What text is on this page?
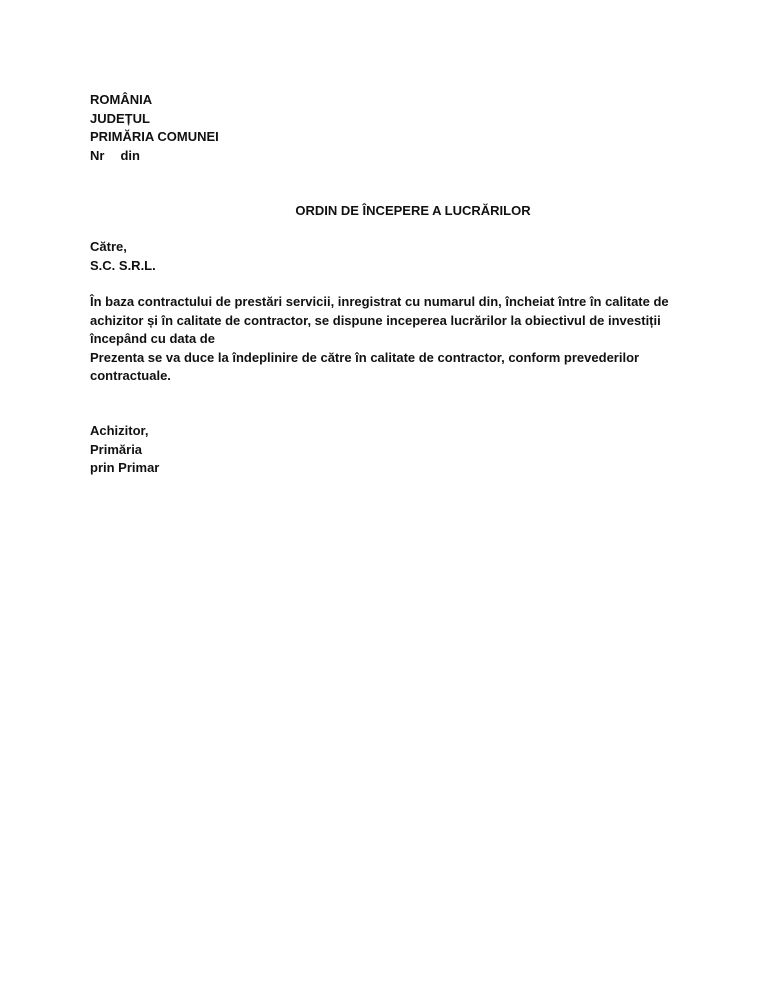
ROMÂNIA
JUDEȚUL
PRIMĂRIA COMUNEI
Nr din
ORDIN DE ÎNCEPERE A LUCRĂRILOR
Către,
S.C. S.R.L.
În baza contractului de prestări servicii, inregistrat cu numarul din, încheiat între în calitate de achizitor și în calitate de contractor, se dispune inceperea lucrărilor la obiectivul de investiții începând cu data de
Prezenta se va duce la îndeplinire de către în calitate de contractor, conform prevederilor contractuale.
Achizitor,
Primăria
prin Primar
